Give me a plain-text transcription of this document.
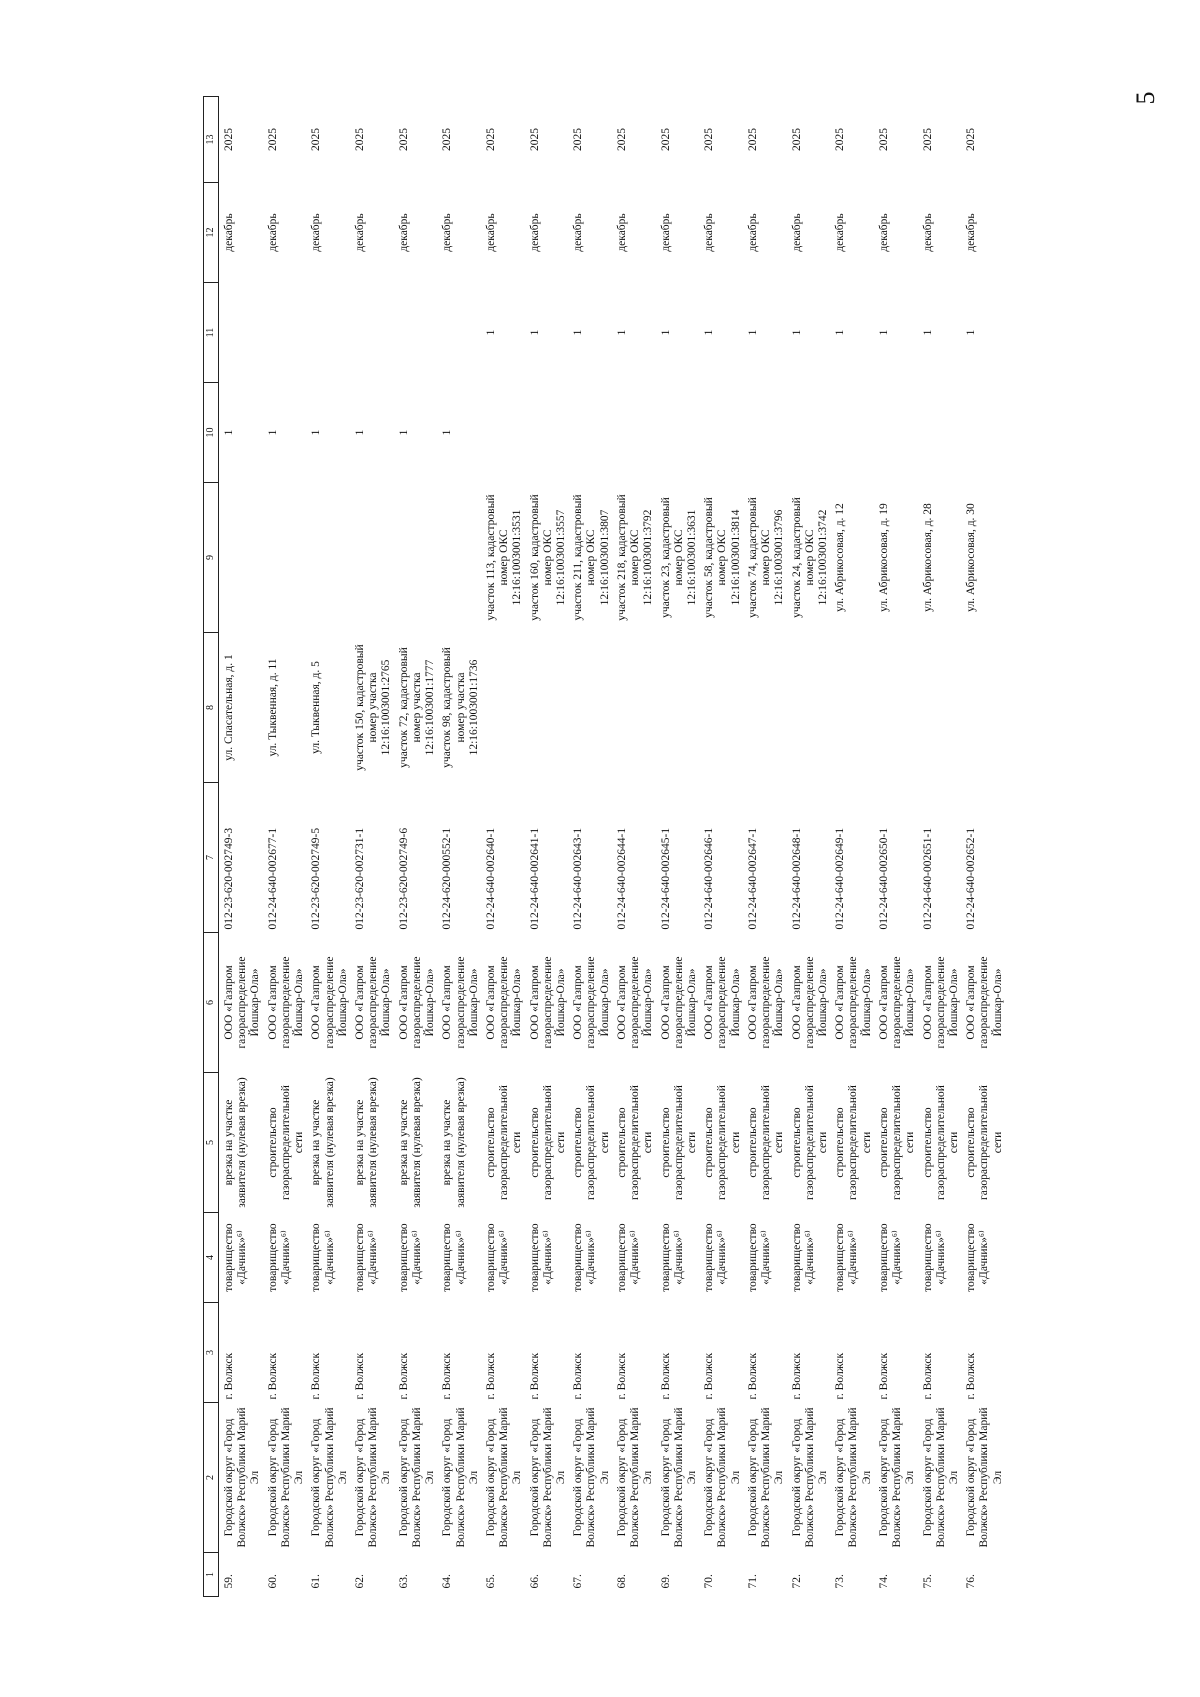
5
1	2	3	4	5	6	7	8	9	10	11	12	13
59.	Городской округ «Город Волжск» Республики Марий Эл	г. Волжск	товарищество «Дачник»⁶⁾	врезка на участке заявителя (нулевая врезка)	ООО «Газпром газораспределение Йошкар-Ола»	012-23-620-002749-3	ул. Спасательная, д. 1		1		декабрь	2025
60.	Городской округ «Город Волжск» Республики Марий Эл	г. Волжск	товарищество «Дачник»⁶⁾	строительство газораспределительной сети	ООО «Газпром газораспределение Йошкар-Ола»	012-24-640-002677-1	ул. Тыквенная, д. 11		1		декабрь	2025
61.	Городской округ «Город Волжск» Республики Марий Эл	г. Волжск	товарищество «Дачник»⁶⁾	врезка на участке заявителя (нулевая врезка)	ООО «Газпром газораспределение Йошкар-Ола»	012-23-620-002749-5	ул. Тыквенная, д. 5		1		декабрь	2025
62.	Городской округ «Город Волжск» Республики Марий Эл	г. Волжск	товарищество «Дачник»⁶⁾	врезка на участке заявителя (нулевая врезка)	ООО «Газпром газораспределение Йошкар-Ола»	012-23-620-002731-1	участок 150, кадастровый номер участка 12:16:1003001:2765		1		декабрь	2025
63.	Городской округ «Город Волжск» Республики Марий Эл	г. Волжск	товарищество «Дачник»⁶⁾	врезка на участке заявителя (нулевая врезка)	ООО «Газпром газораспределение Йошкар-Ола»	012-23-620-002749-6	участок 72, кадастровый номер участка 12:16:1003001:1777		1		декабрь	2025
64.	Городской округ «Город Волжск» Республики Марий Эл	г. Волжск	товарищество «Дачник»⁶⁾	врезка на участке заявителя (нулевая врезка)	ООО «Газпром газораспределение Йошкар-Ола»	012-24-620-000552-1	участок 98, кадастровый номер участка 12:16:1003001:1736		1		декабрь	2025
65.	Городской округ «Город Волжск» Республики Марий Эл	г. Волжск	товарищество «Дачник»⁶⁾	строительство газораспределительной сети	ООО «Газпром газораспределение Йошкар-Ола»	012-24-640-002640-1		участок 113, кадастровый номер ОКС 12:16:1003001:3531		1	декабрь	2025
66.	Городской округ «Город Волжск» Республики Марий Эл	г. Волжск	товарищество «Дачник»⁶⁾	строительство газораспределительной сети	ООО «Газпром газораспределение Йошкар-Ола»	012-24-640-002641-1		участок 160, кадастровый номер ОКС 12:16:1003001:3557		1	декабрь	2025
67.	Городской округ «Город Волжск» Республики Марий Эл	г. Волжск	товарищество «Дачник»⁶⁾	строительство газораспределительной сети	ООО «Газпром газораспределение Йошкар-Ола»	012-24-640-002643-1		участок 211, кадастровый номер ОКС 12:16:1003001:3807		1	декабрь	2025
68.	Городской округ «Город Волжск» Республики Марий Эл	г. Волжск	товарищество «Дачник»⁶⁾	строительство газораспределительной сети	ООО «Газпром газораспределение Йошкар-Ола»	012-24-640-002644-1		участок 218, кадастровый номер ОКС 12:16:1003001:3792		1	декабрь	2025
69.	Городской округ «Город Волжск» Республики Марий Эл	г. Волжск	товарищество «Дачник»⁶⁾	строительство газораспределительной сети	ООО «Газпром газораспределение Йошкар-Ола»	012-24-640-002645-1		участок 23, кадастровый номер ОКС 12:16:1003001:3631		1	декабрь	2025
70.	Городской округ «Город Волжск» Республики Марий Эл	г. Волжск	товарищество «Дачник»⁶⁾	строительство газораспределительной сети	ООО «Газпром газораспределение Йошкар-Ола»	012-24-640-002646-1		участок 58, кадастровый номер ОКС 12:16:1003001:3814		1	декабрь	2025
71.	Городской округ «Город Волжск» Республики Марий Эл	г. Волжск	товарищество «Дачник»⁶⁾	строительство газораспределительной сети	ООО «Газпром газораспределение Йошкар-Ола»	012-24-640-002647-1		участок 74, кадастровый номер ОКС 12:16:1003001:3796		1	декабрь	2025
72.	Городской округ «Город Волжск» Республики Марий Эл	г. Волжск	товарищество «Дачник»⁶⁾	строительство газораспределительной сети	ООО «Газпром газораспределение Йошкар-Ола»	012-24-640-002648-1		участок 24, кадастровый номер ОКС 12:16:1003001:3742		1	декабрь	2025
73.	Городской округ «Город Волжск» Республики Марий Эл	г. Волжск	товарищество «Дачник»⁶⁾	строительство газораспределительной сети	ООО «Газпром газораспределение Йошкар-Ола»	012-24-640-002649-1		ул. Абрикосовая, д. 12		1	декабрь	2025
74.	Городской округ «Город Волжск» Республики Марий Эл	г. Волжск	товарищество «Дачник»⁶⁾	строительство газораспределительной сети	ООО «Газпром газораспределение Йошкар-Ола»	012-24-640-002650-1		ул. Абрикосовая, д. 19		1	декабрь	2025
75.	Городской округ «Город Волжск» Республики Марий Эл	г. Волжск	товарищество «Дачник»⁶⁾	строительство газораспределительной сети	ООО «Газпром газораспределение Йошкар-Ола»	012-24-640-002651-1		ул. Абрикосовая, д. 28		1	декабрь	2025
76.	Городской округ «Город Волжск» Республики Марий Эл	г. Волжск	товарищество «Дачник»⁶⁾	строительство газораспределительной сети	ООО «Газпром газораспределение Йошкар-Ола»	012-24-640-002652-1		ул. Абрикосовая, д. 30		1	декабрь	2025
